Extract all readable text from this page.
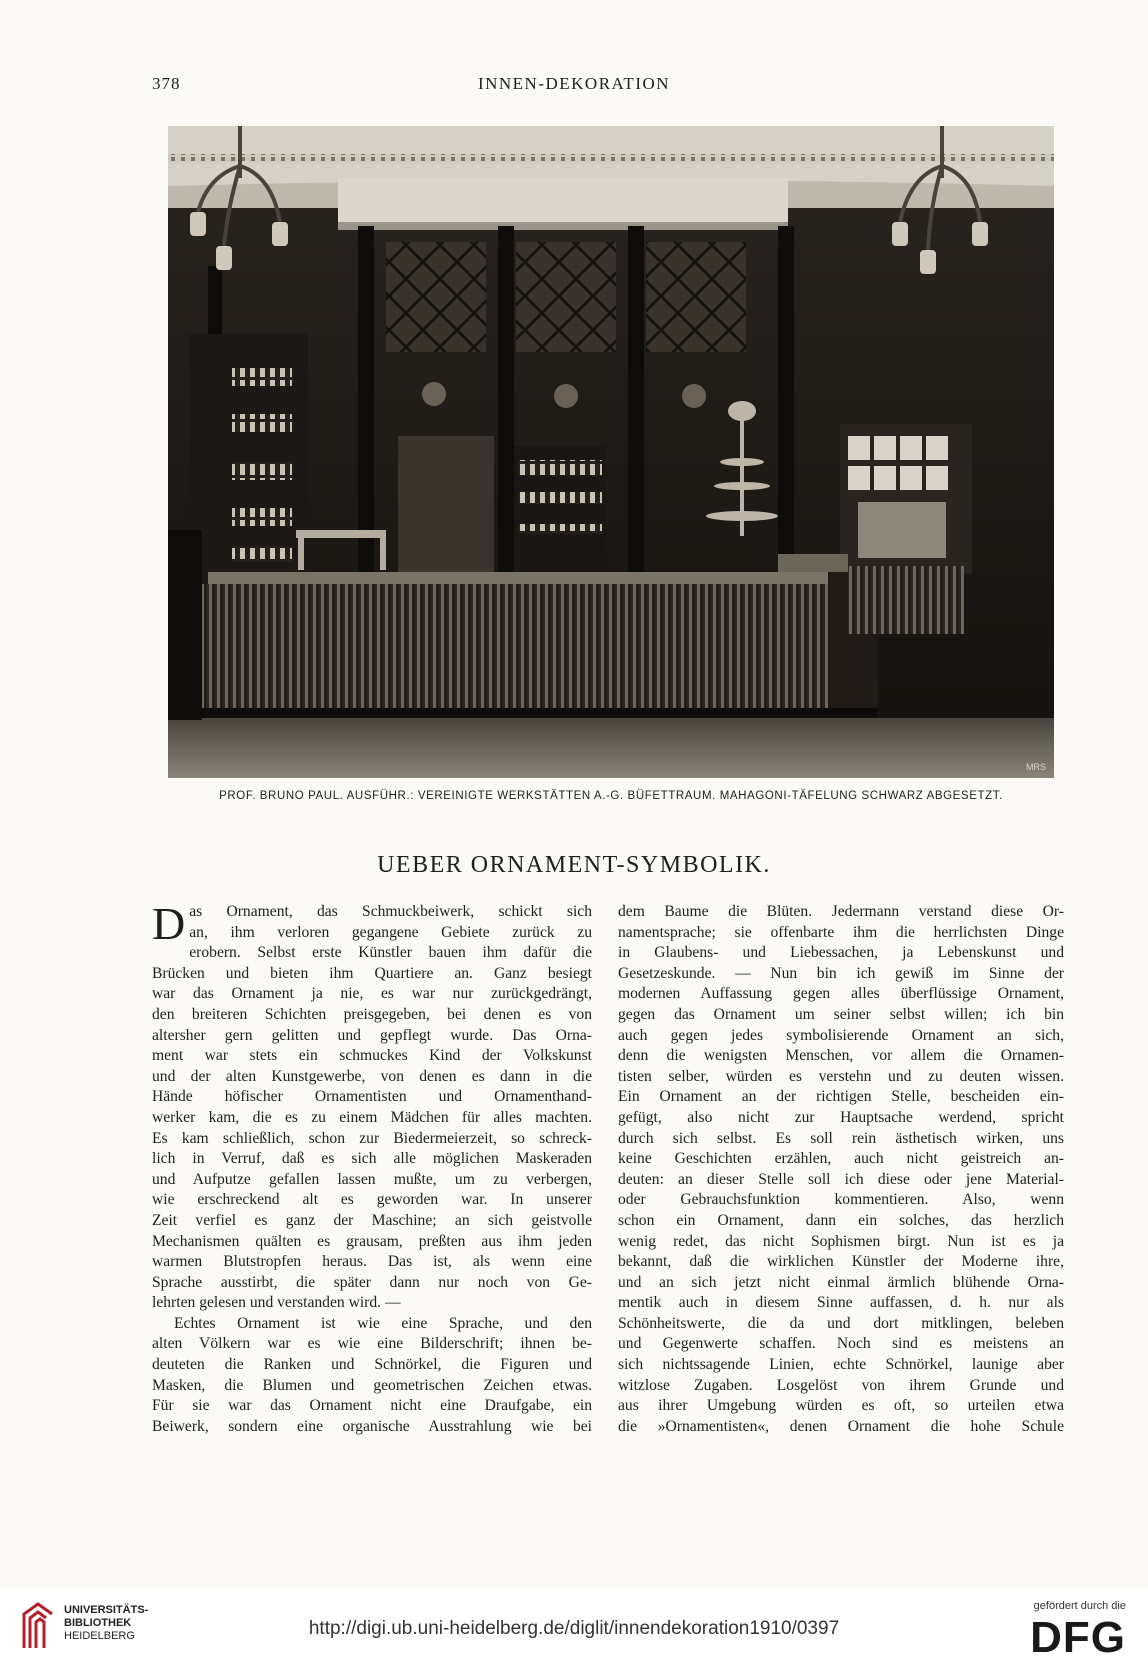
378	INNEN-DEKORATION
MRS
PROF. BRUNO PAUL. AUSFÜHR.: VEREINIGTE WERKSTÄTTEN A.-G. BÜFETTRAUM. MAHAGONI-TÄFELUNG SCHWARZ ABGESETZT.
UEBER ORNAMENT-SYMBOLIK.
D as Ornament, das Schmuckbeiwerk, schickt sich
an, ihm verloren gegangene Gebiete zurück zu
erobern. Selbst erste Künstler bauen ihm dafür die
Brücken und bieten ihm Quartiere an. Ganz besiegt
war das Ornament ja nie, es war nur zurückgedrängt,
den breiteren Schichten preisgegeben, bei denen es von
altersher gern gelitten und gepflegt wurde. Das Orna-
ment war stets ein schmuckes Kind der Volkskunst
und der alten Kunstgewerbe, von denen es dann in die
Hände höfischer Ornamentisten und Ornamenthand-
werker kam, die es zu einem Mädchen für alles machten.
Es kam schließlich, schon zur Biedermeierzeit, so schreck-
lich in Verruf, daß es sich alle möglichen Maskeraden
und Aufputze gefallen lassen mußte, um zu verbergen,
wie erschreckend alt es geworden war. In unserer
Zeit verfiel es ganz der Maschine; an sich geistvolle
Mechanismen quälten es grausam, preßten aus ihm jeden
warmen Blutstropfen heraus. Das ist, als wenn eine
Sprache ausstirbt, die später dann nur noch von Ge-
lehrten gelesen und verstanden wird. —
Echtes Ornament ist wie eine Sprache, und den
alten Völkern war es wie eine Bilderschrift; ihnen be-
deuteten die Ranken und Schnörkel, die Figuren und
Masken, die Blumen und geometrischen Zeichen etwas.
Für sie war das Ornament nicht eine Draufgabe, ein
Beiwerk, sondern eine organische Ausstrahlung wie bei
dem Baume die Blüten. Jedermann verstand diese Or-
namentsprache; sie offenbarte ihm die herrlichsten Dinge
in Glaubens- und Liebessachen, ja Lebenskunst und
Gesetzeskunde. — Nun bin ich gewiß im Sinne der
modernen Auffassung gegen alles überflüssige Ornament,
gegen das Ornament um seiner selbst willen; ich bin
auch gegen jedes symbolisierende Ornament an sich,
denn die wenigsten Menschen, vor allem die Ornamen-
tisten selber, würden es verstehn und zu deuten wissen.
Ein Ornament an der richtigen Stelle, bescheiden ein-
gefügt, also nicht zur Hauptsache werdend, spricht
durch sich selbst. Es soll rein ästhetisch wirken, uns
keine Geschichten erzählen, auch nicht geistreich an-
deuten: an dieser Stelle soll ich diese oder jene Material-
oder Gebrauchsfunktion kommentieren. Also, wenn
schon ein Ornament, dann ein solches, das herzlich
wenig redet, das nicht Sophismen birgt. Nun ist es ja
bekannt, daß die wirklichen Künstler der Moderne ihre,
und an sich jetzt nicht einmal ärmlich blühende Orna-
mentik auch in diesem Sinne auffassen, d. h. nur als
Schönheitswerte, die da und dort mitklingen, beleben
und Gegenwerte schaffen. Noch sind es meistens an
sich nichtssagende Linien, echte Schnörkel, launige aber
witzlose Zugaben. Losgelöst von ihrem Grunde und
aus ihrer Umgebung würden es oft, so urteilen etwa
die »Ornamentisten«, denen Ornament die hohe Schule
UNIVERSITÄTS-
BIBLIOTHEK
HEIDELBERG	http://digi.ub.uni-heidelberg.de/diglit/innendekoration1910/0397
gefördert durch die
DFG
